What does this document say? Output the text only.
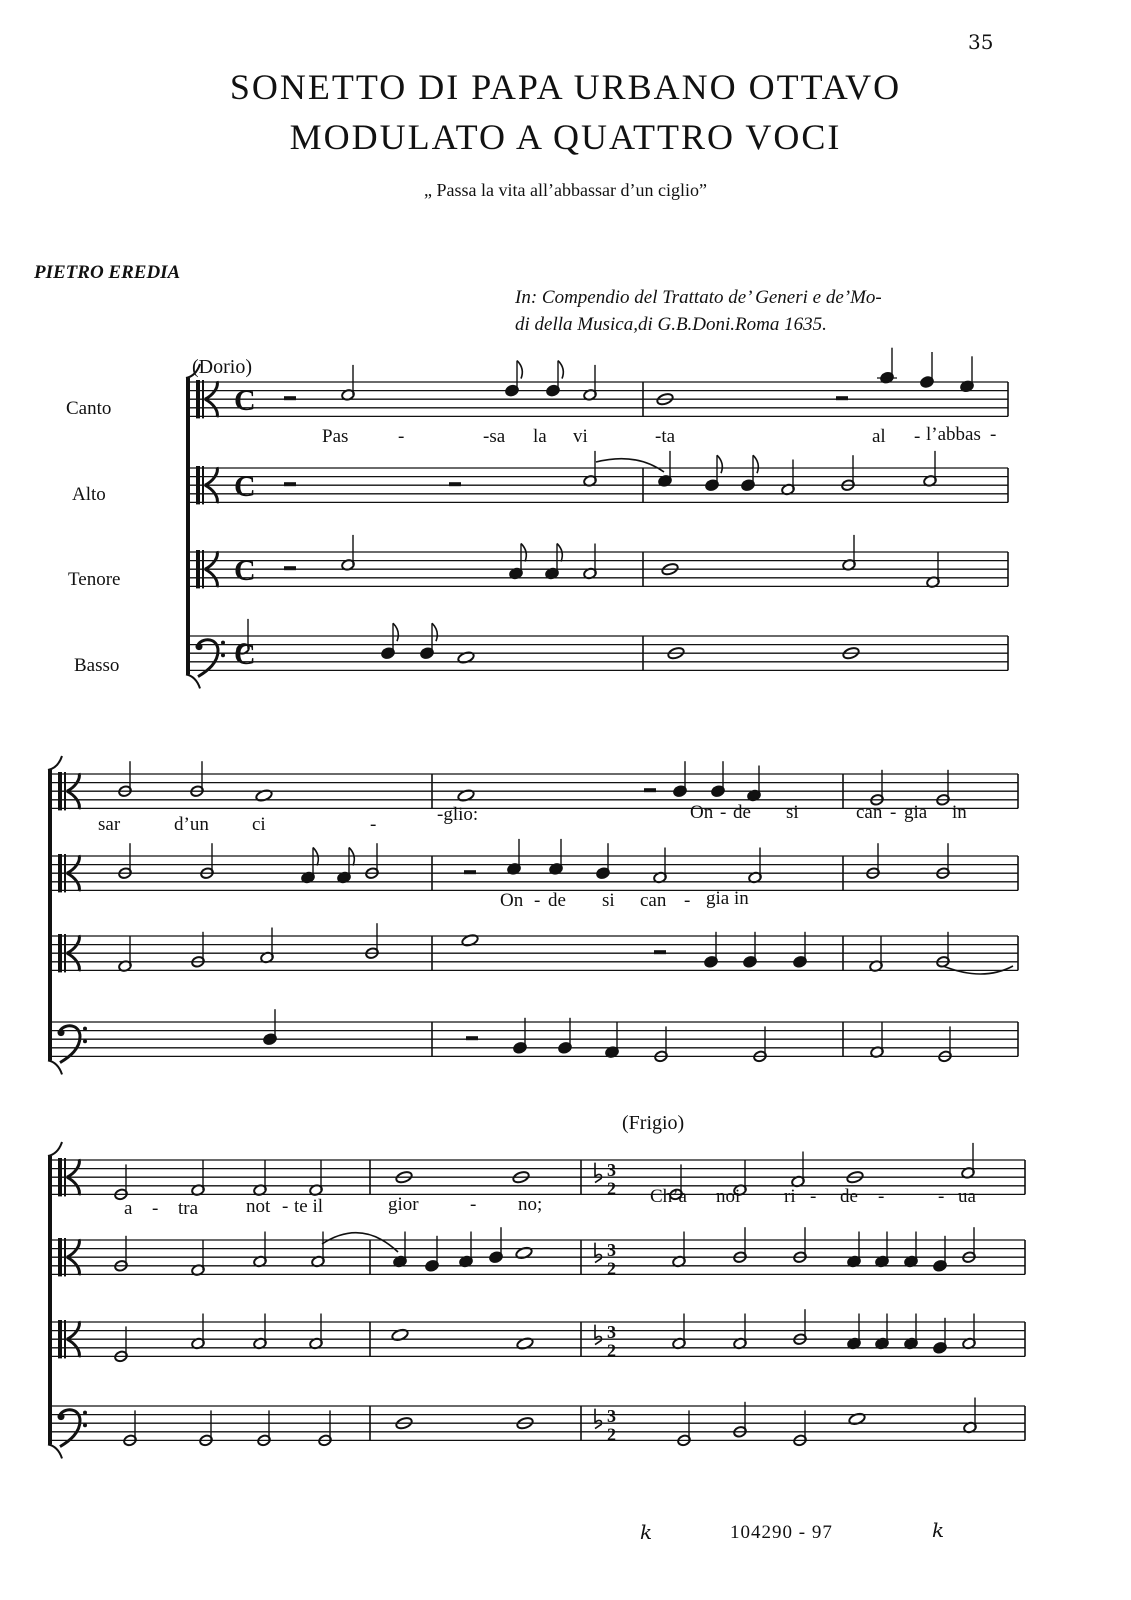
35
SONETTO DI PAPA URBANO OTTAVO
MODULATO A QUATTRO VOCI
„ Passa la vita all’abbassar d’un ciglio”
PIETRO EREDIA
In: Compendio del Trattato de’ Generi e de’Mo-
di della Musica,di G.B.Doni.Roma 1635.
Canto
Alto
Tenore
Basso
(Dorio)
(Frigio)
C
C
C
C
3
2
3
2
3
2
3
2
Pas	-	-sa la vi	-ta	al - l’abbas -
sar	d’un ci	-	-glio:	On - de si	can - gia in
On - de si can - gia in
a - tra	not - te il	gior	- no;	Ch’a noi ri - de -	- ua
k	104290 - 97	k
